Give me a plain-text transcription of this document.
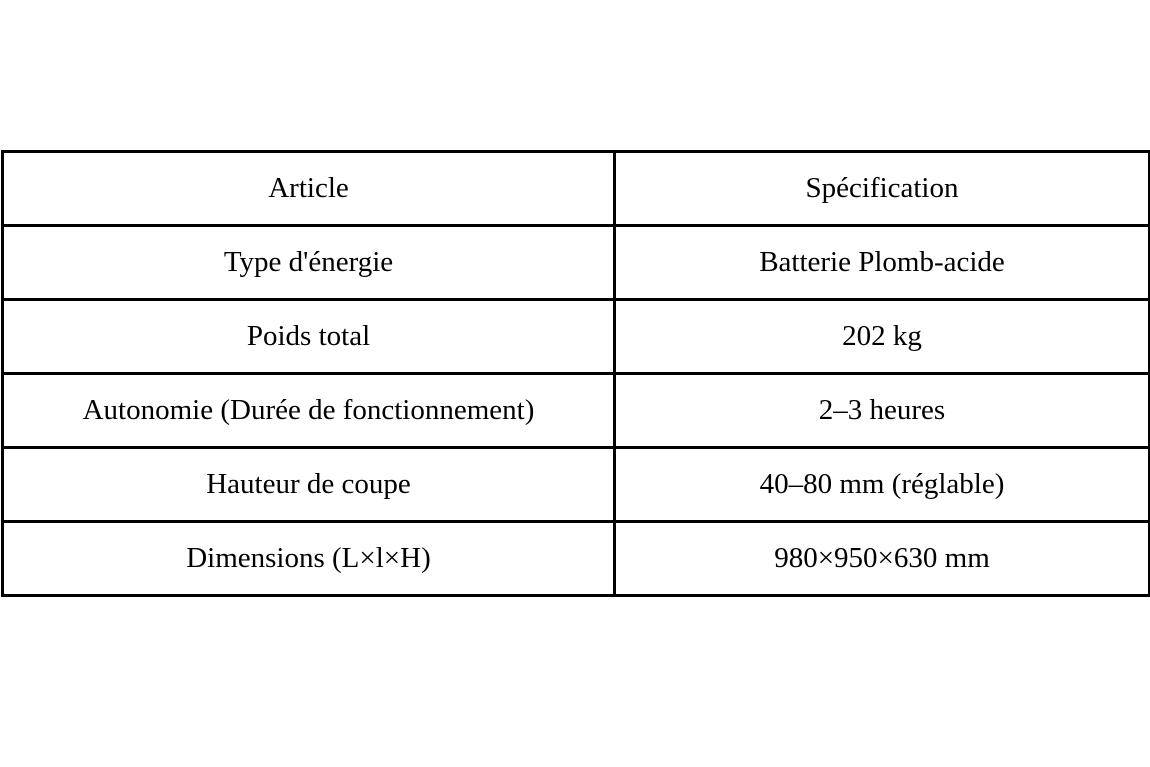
Article	Spécification
Type d'énergie	Batterie Plomb-acide
Poids total	202 kg
Autonomie (Durée de fonctionnement)	2–3 heures
Hauteur de coupe	40–80 mm (réglable)
Dimensions (L×l×H)	980×950×630 mm
